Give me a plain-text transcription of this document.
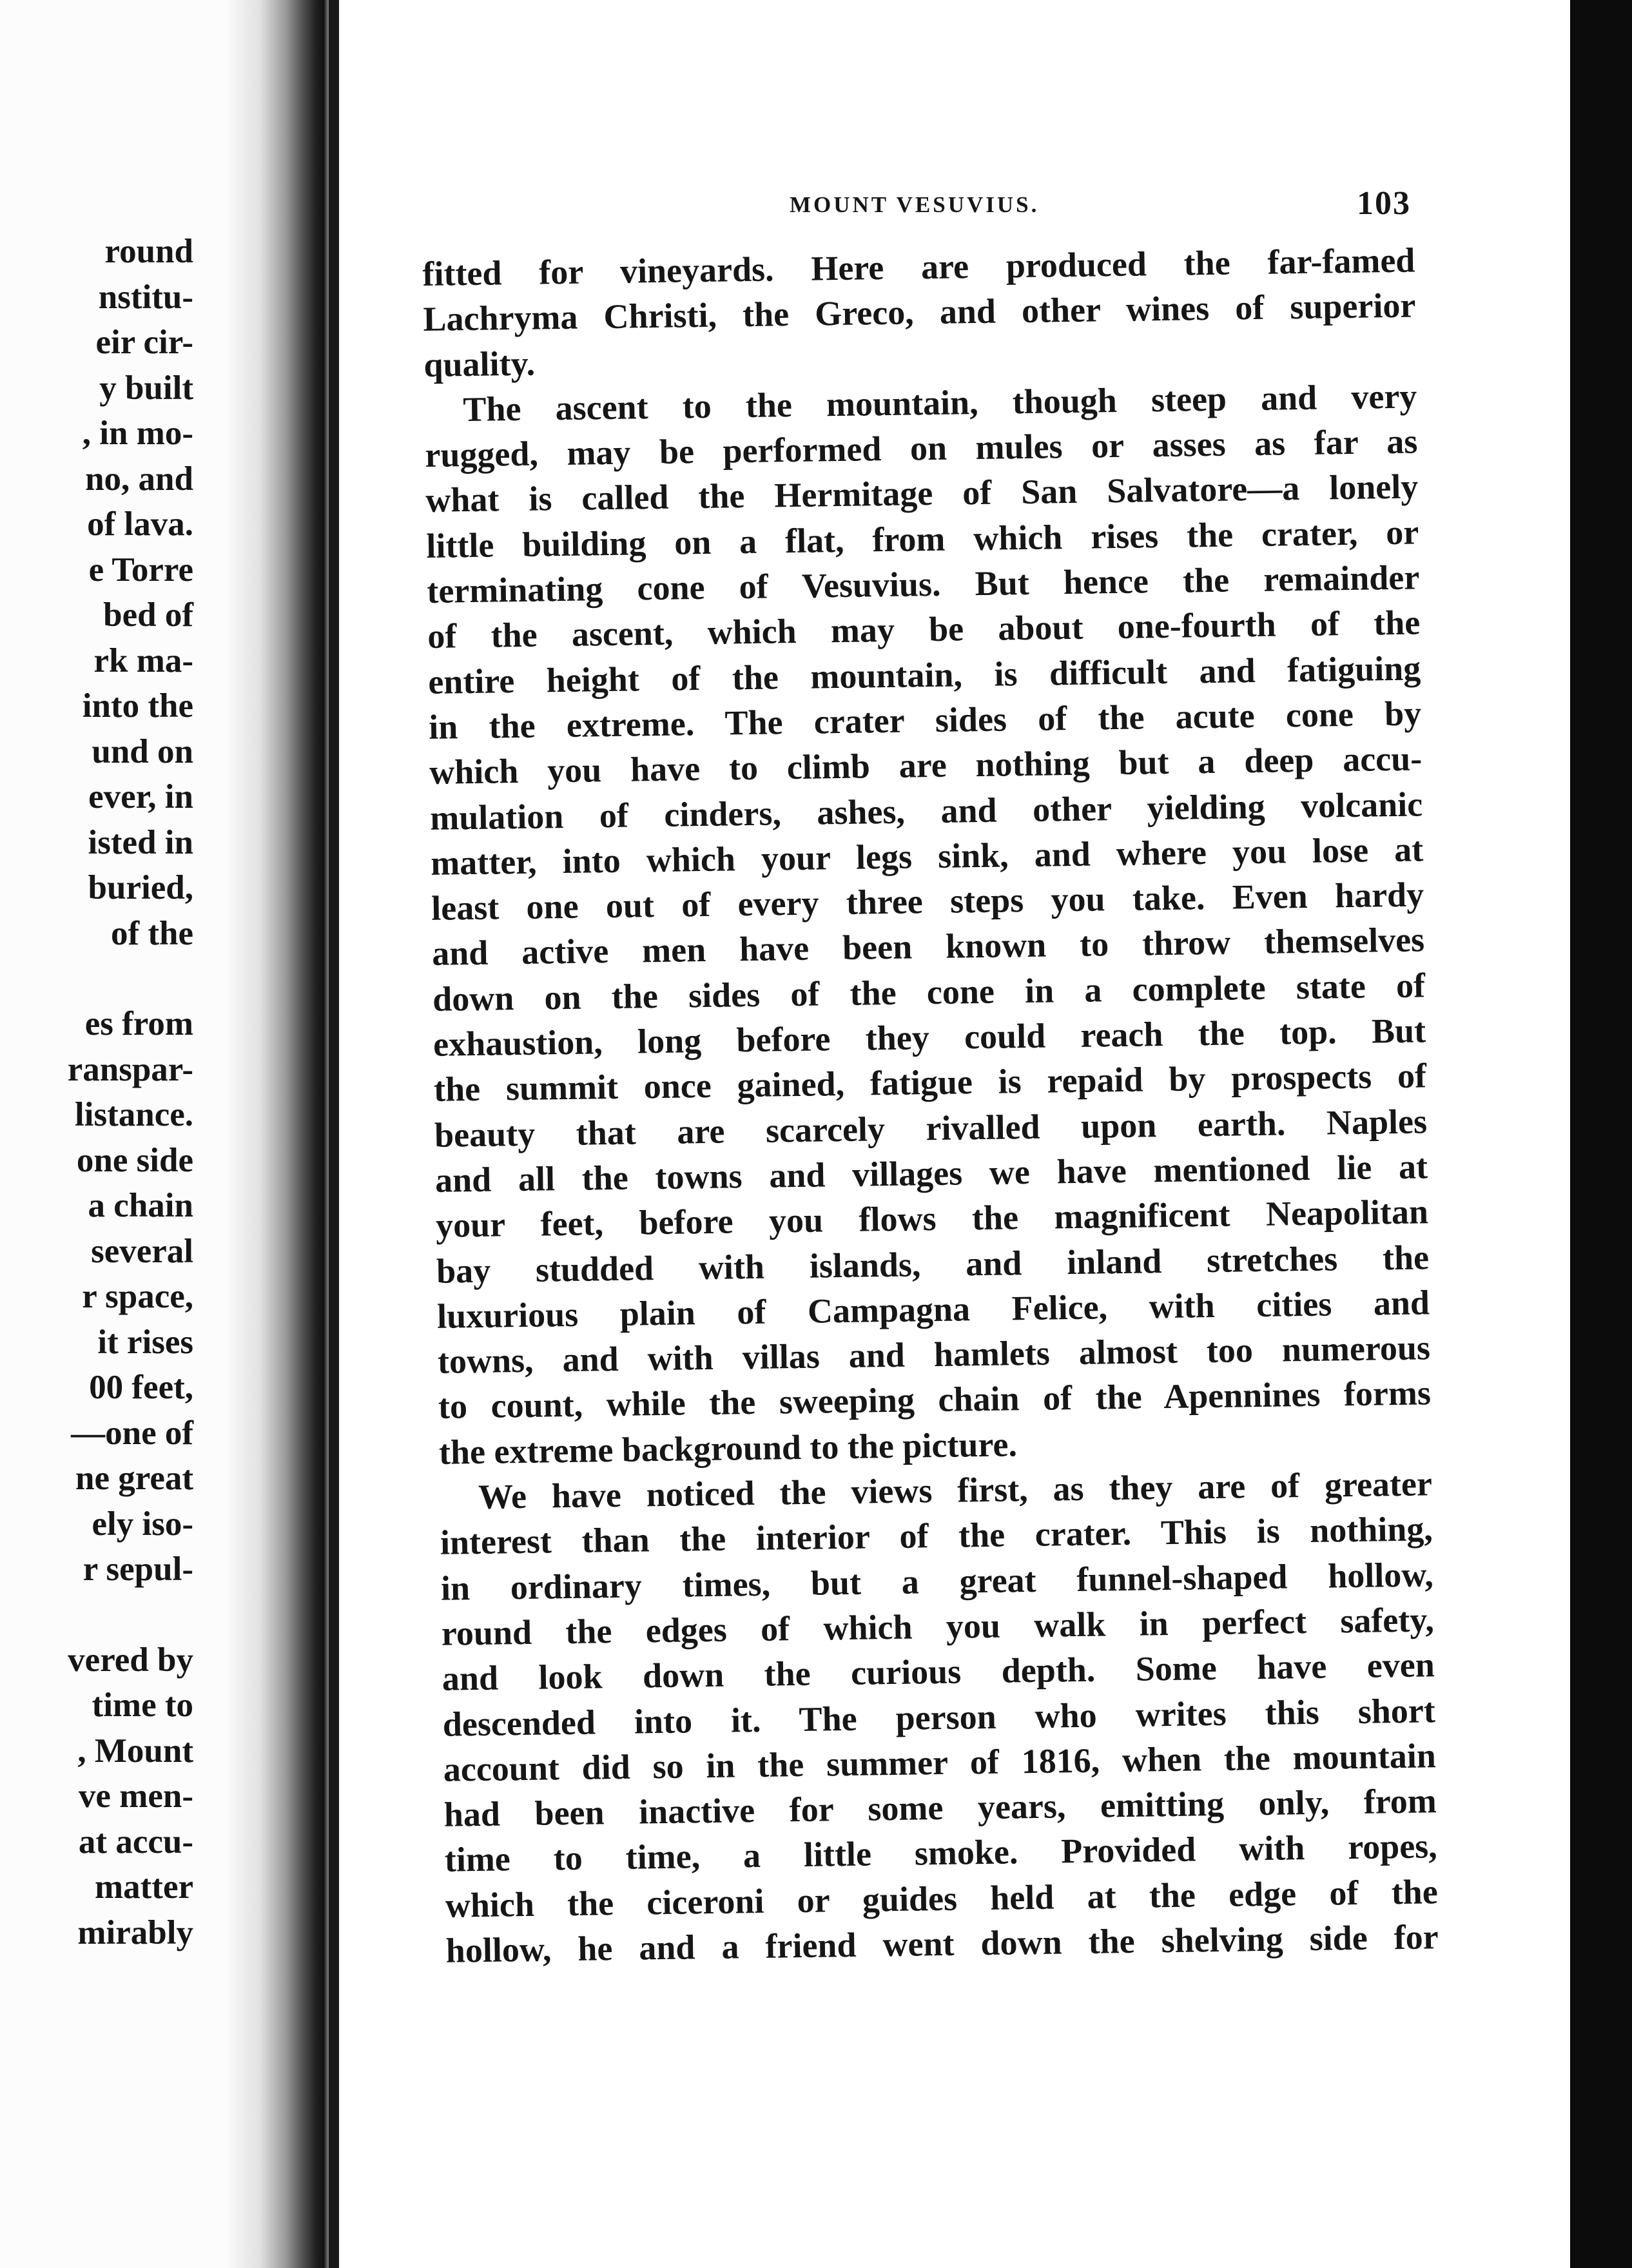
round
nstitu-
eir cir-
y built
, in mo-
no, and
of lava.
e Torre
bed of
rk ma-
into the
und on
ever, in
isted in
buried,
of the
es from
ranspar-
listance.
one side
a chain
several
r space,
it rises
00 feet,
—one of
ne great
ely iso-
r sepul-
vered by
time to
, Mount
ve men-
at accu-
matter
mirably
MOUNT VESUVIUS.	103
fitted for vineyards. Here are produced the far-famed
Lachryma Christi, the Greco, and other wines of superior
quality.
The ascent to the mountain, though steep and very
rugged, may be performed on mules or asses as far as
what is called the Hermitage of San Salvatore—a lonely
little building on a flat, from which rises the crater, or
terminating cone of Vesuvius. But hence the remainder
of the ascent, which may be about one-fourth of the
entire height of the mountain, is difficult and fatiguing
in the extreme. The crater sides of the acute cone by
which you have to climb are nothing but a deep accu-
mulation of cinders, ashes, and other yielding volcanic
matter, into which your legs sink, and where you lose at
least one out of every three steps you take. Even hardy
and active men have been known to throw themselves
down on the sides of the cone in a complete state of
exhaustion, long before they could reach the top. But
the summit once gained, fatigue is repaid by prospects of
beauty that are scarcely rivalled upon earth. Naples
and all the towns and villages we have mentioned lie at
your feet, before you flows the magnificent Neapolitan
bay studded with islands, and inland stretches the
luxurious plain of Campagna Felice, with cities and
towns, and with villas and hamlets almost too numerous
to count, while the sweeping chain of the Apennines forms
the extreme background to the picture.
We have noticed the views first, as they are of greater
interest than the interior of the crater. This is nothing,
in ordinary times, but a great funnel-shaped hollow,
round the edges of which you walk in perfect safety,
and look down the curious depth. Some have even
descended into it. The person who writes this short
account did so in the summer of 1816, when the mountain
had been inactive for some years, emitting only, from
time to time, a little smoke. Provided with ropes,
which the ciceroni or guides held at the edge of the
hollow, he and a friend went down the shelving side for
